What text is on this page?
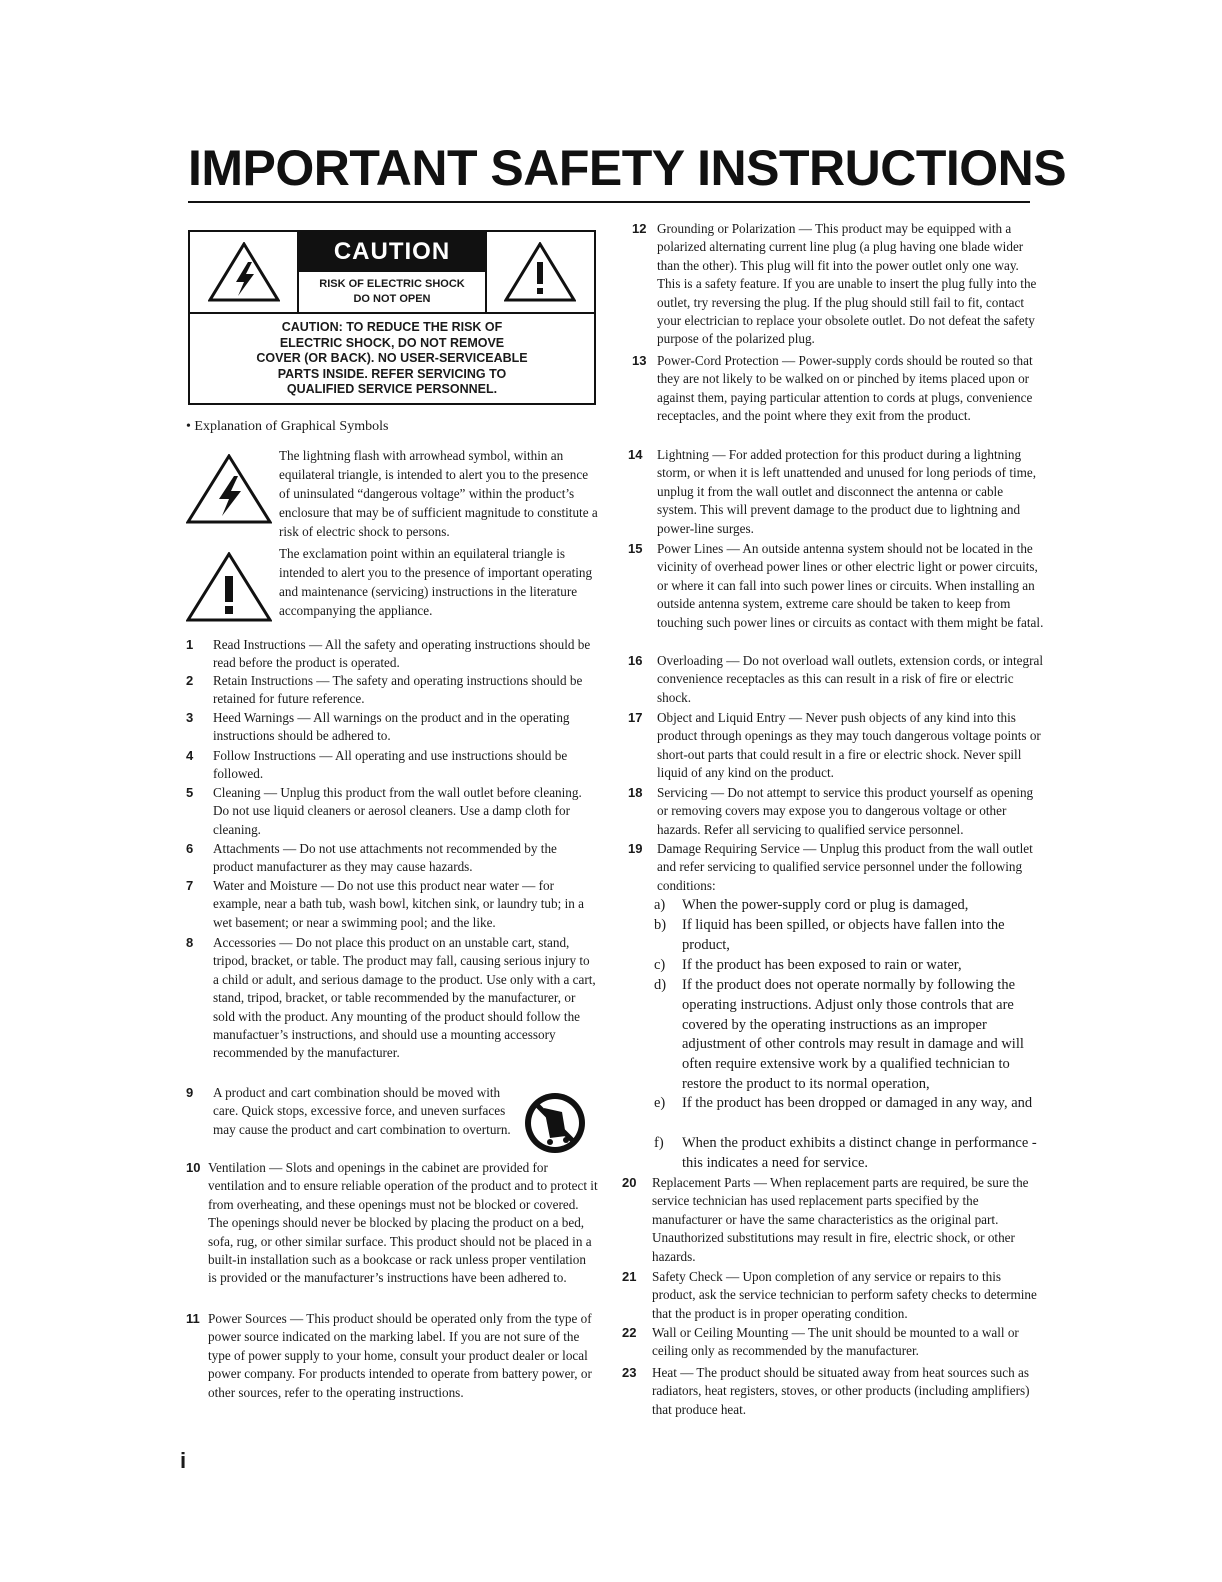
IMPORTANT SAFETY INSTRUCTIONS
CAUTION
RISK OF ELECTRIC SHOCK
DO NOT OPEN
CAUTION: TO REDUCE THE RISK OF
ELECTRIC SHOCK, DO NOT REMOVE
COVER (OR BACK). NO USER-SERVICEABLE
PARTS INSIDE. REFER SERVICING TO
QUALIFIED SERVICE PERSONNEL.
• Explanation of Graphical Symbols
The lightning flash with arrowhead symbol, within an equilateral triangle, is intended to alert you to the presence of uninsulated “dangerous voltage” within the product’s enclosure that may be of sufficient magnitude to constitute a risk of electric shock to persons.
The exclamation point within an equilateral triangle is intended to alert you to the presence of important operating and maintenance (servicing) instructions in the literature accompanying the appliance.
1 Read Instructions — All the safety and operating instructions should be read before the product is operated.
2 Retain Instructions — The safety and operating instructions should be retained for future reference.
3 Heed Warnings — All warnings on the product and in the operating instructions should be adhered to.
4 Follow Instructions — All operating and use instructions should be followed.
5 Cleaning — Unplug this product from the wall outlet before cleaning. Do not use liquid cleaners or aerosol cleaners. Use a damp cloth for cleaning.
6 Attachments — Do not use attachments not recommended by the product manufacturer as they may cause hazards.
7 Water and Moisture — Do not use this product near water — for example, near a bath tub, wash bowl, kitchen sink, or laundry tub; in a wet basement; or near a swimming pool; and the like.
8 Accessories — Do not place this product on an unstable cart, stand, tripod, bracket, or table. The product may fall, causing serious injury to a child or adult, and serious damage to the product. Use only with a cart, stand, tripod, bracket, or table recommended by the manufacturer, or sold with the product. Any mounting of the product should follow the manufactuer’s instructions, and should use a mounting accessory recommended by the manufacturer.
9 A product and cart combination should be moved with care. Quick stops, excessive force, and uneven surfaces may cause the product and cart combination to overturn.
10 Ventilation — Slots and openings in the cabinet are provided for ventilation and to ensure reliable operation of the product and to protect it from overheating, and these openings must not be blocked or covered. The openings should never be blocked by placing the product on a bed, sofa, rug, or other similar surface. This product should not be placed in a built-in installation such as a bookcase or rack unless proper ventilation is provided or the manufacturer’s instructions have been adhered to.
11 Power Sources — This product should be operated only from the type of power source indicated on the marking label. If you are not sure of the type of power supply to your home, consult your product dealer or local power company. For products intended to operate from battery power, or other sources, refer to the operating instructions.
12 Grounding or Polarization — This product may be equipped with a polarized alternating current line plug (a plug having one blade wider than the other). This plug will fit into the power outlet only one way. This is a safety feature. If you are unable to insert the plug fully into the outlet, try reversing the plug. If the plug should still fail to fit, contact your electrician to replace your obsolete outlet. Do not defeat the safety purpose of the polarized plug.
13 Power-Cord Protection — Power-supply cords should be routed so that they are not likely to be walked on or pinched by items placed upon or against them, paying particular attention to cords at plugs, convenience receptacles, and the point where they exit from the product.
14 Lightning — For added protection for this product during a lightning storm, or when it is left unattended and unused for long periods of time, unplug it from the wall outlet and disconnect the antenna or cable system. This will prevent damage to the product due to lightning and power-line surges.
15 Power Lines — An outside antenna system should not be located in the vicinity of overhead power lines or other electric light or power circuits, or where it can fall into such power lines or circuits. When installing an outside antenna system, extreme care should be taken to keep from touching such power lines or circuits as contact with them might be fatal.
16 Overloading — Do not overload wall outlets, extension cords, or integral convenience receptacles as this can result in a risk of fire or electric shock.
17 Object and Liquid Entry — Never push objects of any kind into this product through openings as they may touch dangerous voltage points or short-out parts that could result in a fire or electric shock. Never spill liquid of any kind on the product.
18 Servicing — Do not attempt to service this product yourself as opening or removing covers may expose you to dangerous voltage or other hazards. Refer all servicing to qualified service personnel.
19 Damage Requiring Service — Unplug this product from the wall outlet and refer servicing to qualified service personnel under the following conditions:
a) When the power-supply cord or plug is damaged,
b) If liquid has been spilled, or objects have fallen into the product,
c) If the product has been exposed to rain or water,
d) If the product does not operate normally by following the operating instructions. Adjust only those controls that are covered by the operating instructions as an improper adjustment of other controls may result in damage and will often require extensive work by a qualified technician to restore the product to its normal operation,
e) If the product has been dropped or damaged in any way, and
f) When the product exhibits a distinct change in performance - this indicates a need for service.
20 Replacement Parts — When replacement parts are required, be sure the service technician has used replacement parts specified by the manufacturer or have the same characteristics as the original part. Unauthorized substitutions may result in fire, electric shock, or other hazards.
21 Safety Check — Upon completion of any service or repairs to this product, ask the service technician to perform safety checks to determine that the product is in proper operating condition.
22 Wall or Ceiling Mounting — The unit should be mounted to a wall or ceiling only as recommended by the manufacturer.
23 Heat — The product should be situated away from heat sources such as radiators, heat registers, stoves, or other products (including amplifiers) that produce heat.
i
